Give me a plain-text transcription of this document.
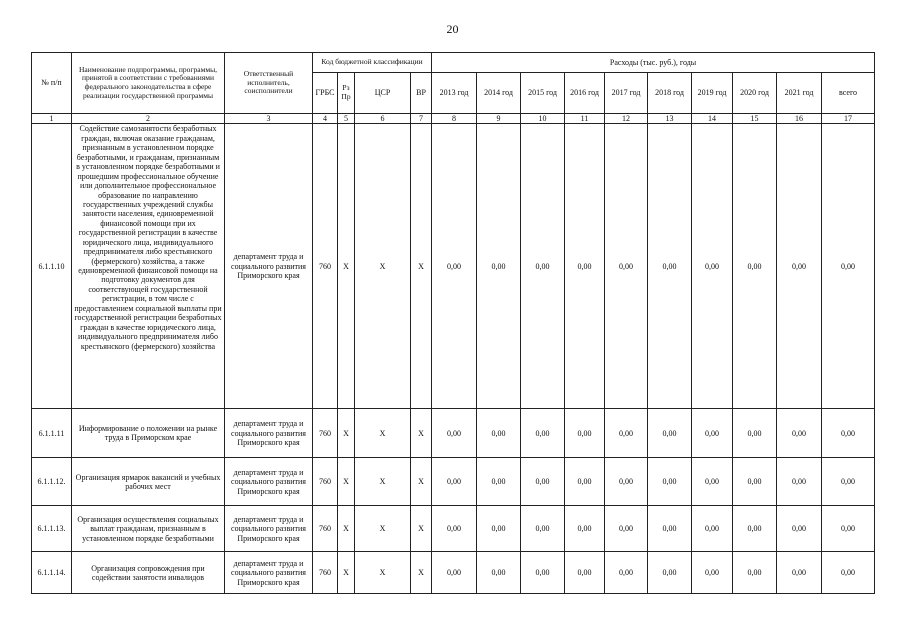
20
№ п/п	Наименование подпрограммы, программы, принятой в соответствии с требованиями федерального законодательства в сфере реализации государственной программы	Ответственный исполнитель, соисполнители	Код бюджетной классификации				Расходы (тыс. руб.), годы									
			ГРБС	Рз Пр	ЦСР	ВР	2013 год	2014 год	2015 год	2016 год	2017 год	2018 год	2019 год	2020 год	2021 год	всего
1	2	3	4	5	6	7	8	9	10	11	12	13	14	15	16	17
6.1.1.10	Содействие самозанятости безработных граждан, включая оказание гражданам, признанным в установленном порядке безработными, и гражданам, признанным в установленном порядке безработными и прошедшим профессиональное обучение или дополнительное профессиональное образование по направлению государственных учреждений службы занятости населения, единовременной финансовой помощи при их государственной регистрации в качестве юридического лица, индивидуального предпринимателя либо крестьянского (фермерского) хозяйства, а также единовременной финансовой помощи на подготовку документов для соответствующей государственной регистрации, в том числе с предоставлением социальной выплаты при государственной регистрации безработных граждан в качестве юридического лица, индивидуального предпринимателя либо крестьянского (фермерского) хозяйства	департамент труда и социального развития Приморского края	760	X	X	X	0,00	0,00	0,00	0,00	0,00	0,00	0,00	0,00	0,00	0,00
6.1.1.11	Информирование о положении на рынке труда в Приморском крае	департамент труда и социального развития Приморского края	760	X	X	X	0,00	0,00	0,00	0,00	0,00	0,00	0,00	0,00	0,00	0,00
6.1.1.12.	Организация ярмарок вакансий и учебных рабочих мест	департамент труда и социального развития Приморского края	760	X	X	X	0,00	0,00	0,00	0,00	0,00	0,00	0,00	0,00	0,00	0,00
6.1.1.13.	Организация осуществления социальных выплат гражданам, признанным в установленном порядке безработными	департамент труда и социального развития Приморского края	760	X	X	X	0,00	0,00	0,00	0,00	0,00	0,00	0,00	0,00	0,00	0,00
6.1.1.14.	Организация сопровождения при содействии занятости инвалидов	департамент труда и социального развития Приморского края	760	X	X	X	0,00	0,00	0,00	0,00	0,00	0,00	0,00	0,00	0,00	0,00
